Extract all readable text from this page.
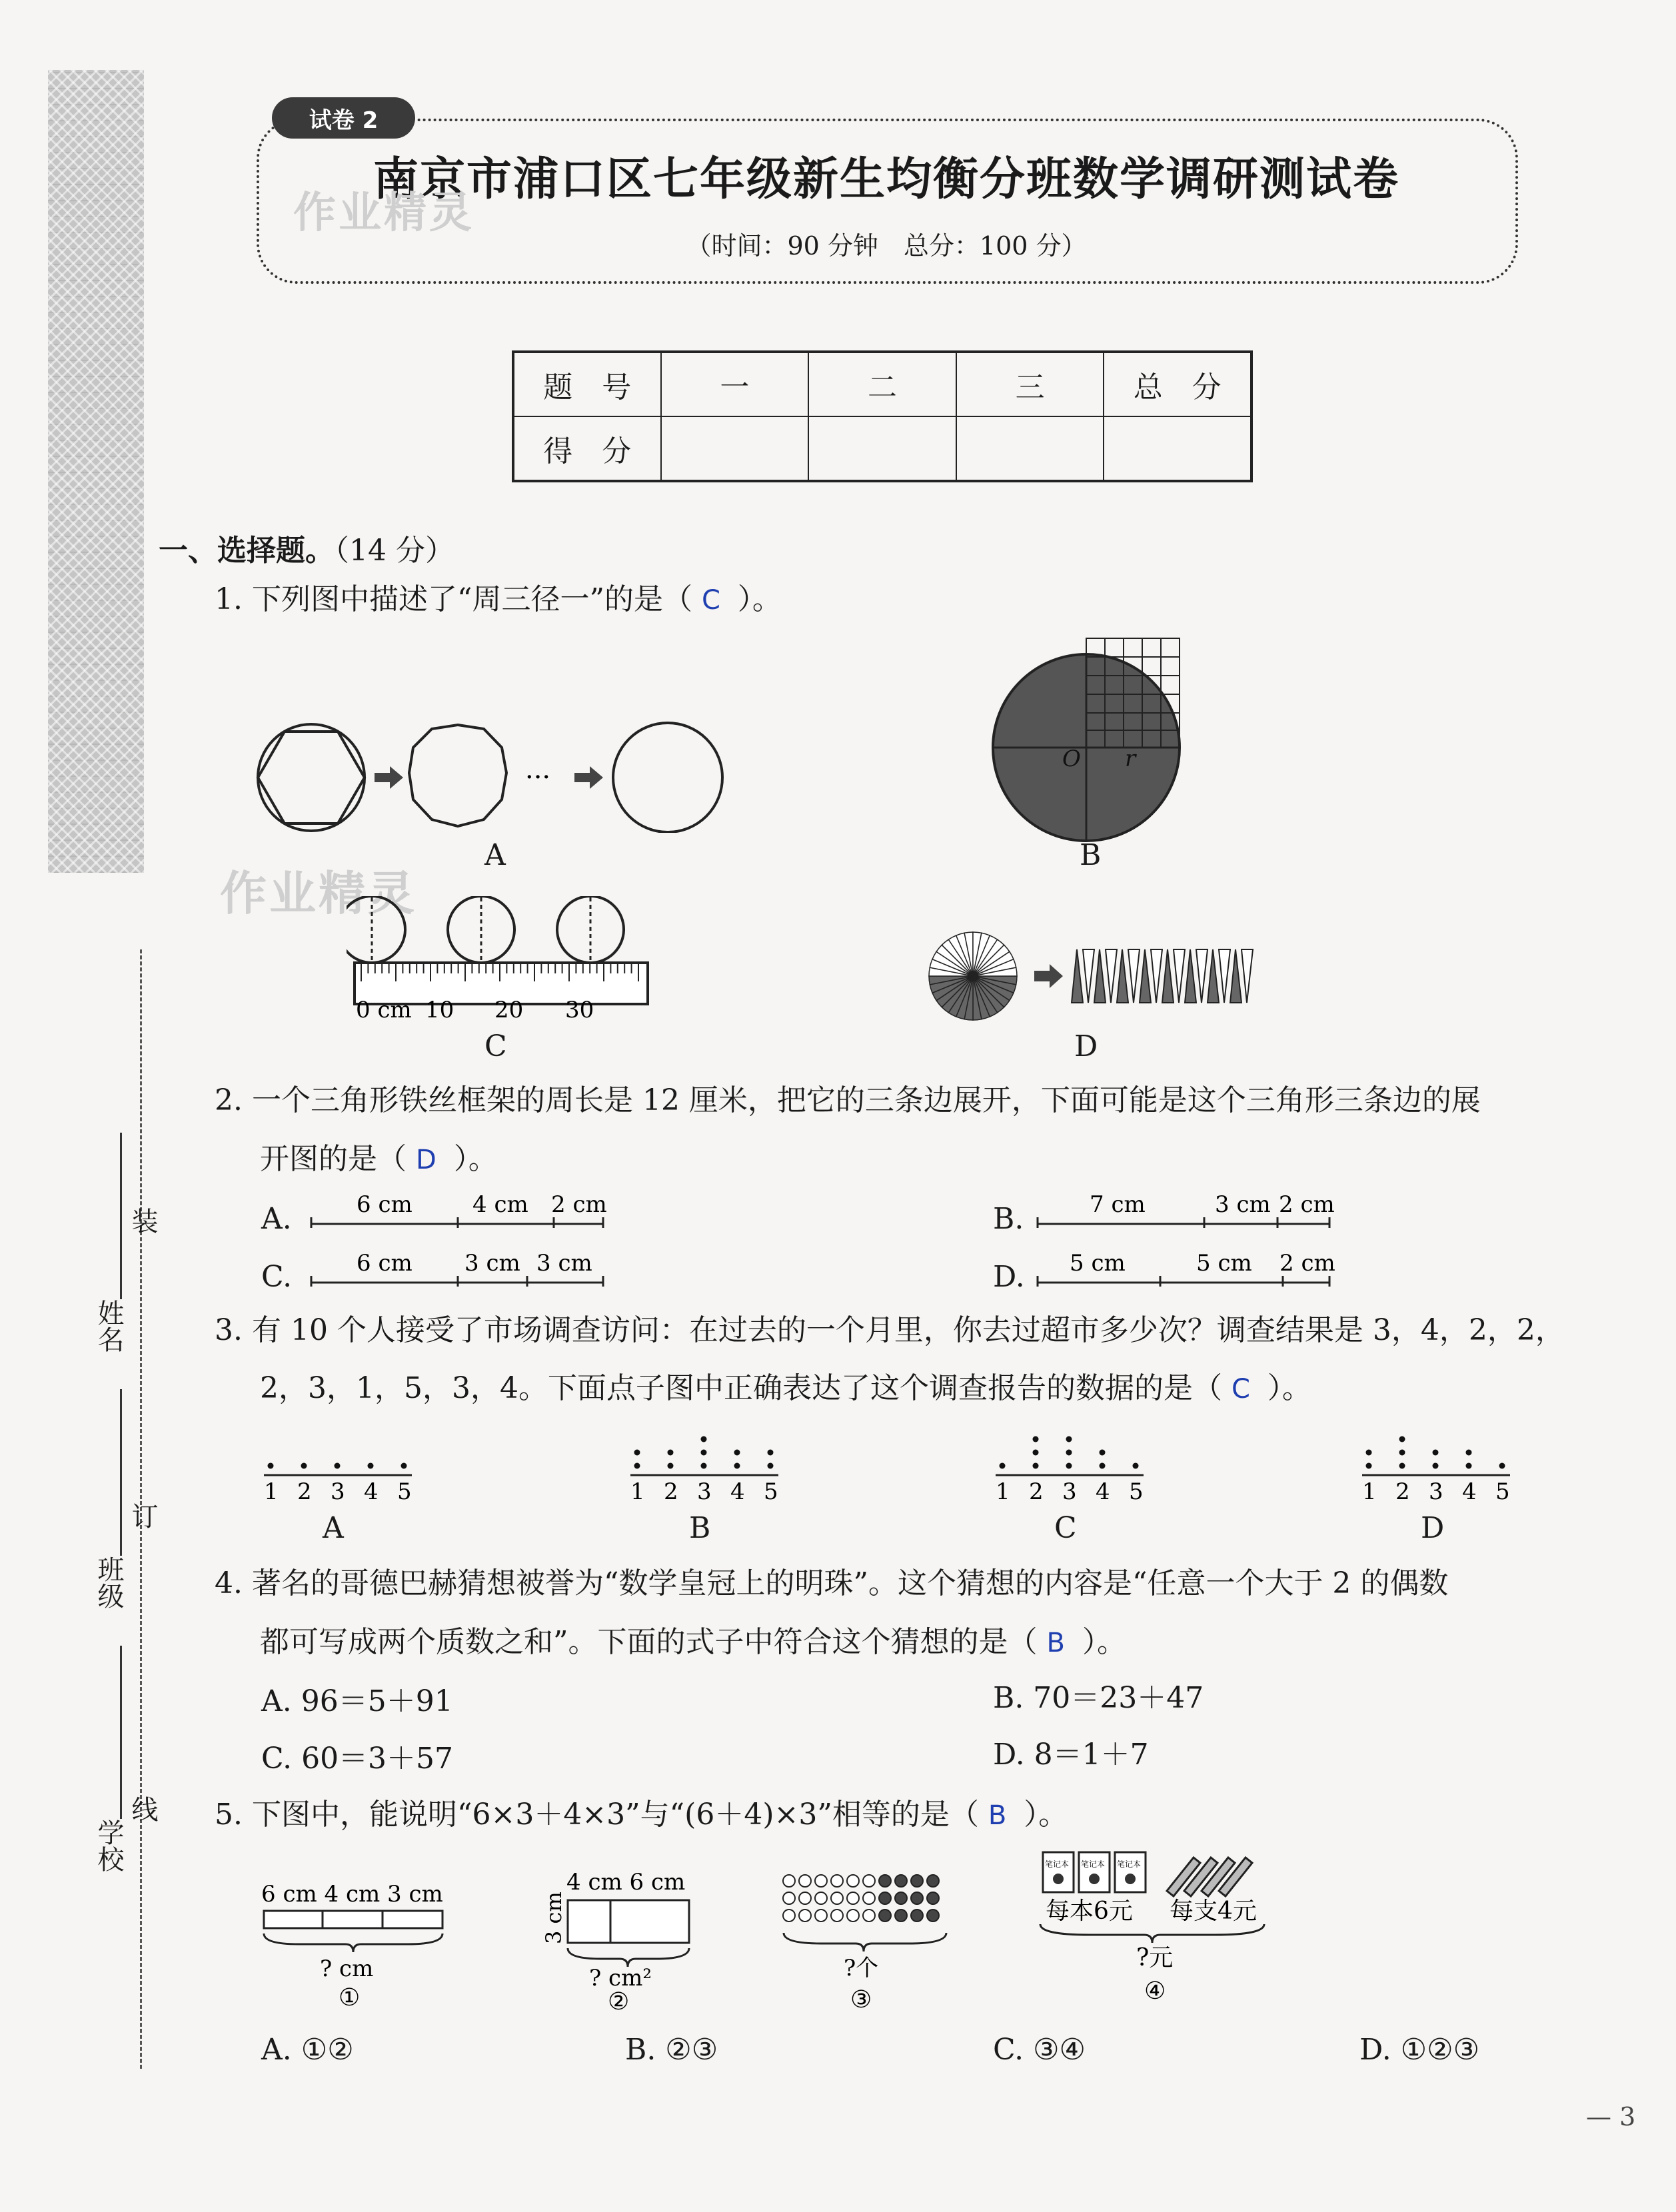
装
订
线
姓名
班级
学校
试卷 2
南京市浦口区七年级新生均衡分班数学调研测试卷
（时间：90 分钟　总分：100 分）
作业精灵
作业精灵
题　号	一	二	三	总　分
得　分				
一、选择题。（14 分）
1. 下列图中描述了“周三径一”的是（ C ）。
···
A
O r
B
0 cm 10 20 30
C	D
2. 一个三角形铁丝框架的周长是 12 厘米，把它的三条边展开，下面可能是这个三角形三条边的展
开图的是（ D ）。
A.	6 cm	4 cm 2 cm	B.	7 cm	3 cm 2 cm
C.	6 cm 3 cm 3 cm	D. 5 cm	5 cm 2 cm
3. 有 10 个人接受了市场调查访问：在过去的一个月里，你去过超市多少次？调查结果是 3，4，2，2，
2，3，1，5，3，4。下面点子图中正确表达了这个调查报告的数据的是（ C ）。
1 2 3 4 5
A
1 2 3 4 5
B
1 2 3 4 5
C
1 2 3 4 5
D
4. 著名的哥德巴赫猜想被誉为“数学皇冠上的明珠”。这个猜想的内容是“任意一个大于 2 的偶数
都可写成两个质数之和”。下面的式子中符合这个猜想的是（ B ）。
A. 96＝5＋91	B. 70＝23＋47
C. 60＝3＋57	D. 8＝1＋7
5. 下图中，能说明“6×3＋4×3”与“(6＋4)×3”相等的是（ B ）。
6 cm 4 cm 3 cm
? cm
①
4 cm 6 cm
3 cm
? cm²
②
?个
③
笔记本 笔记本 笔记本
每本6元 每支4元
?元
④
A. ①②	B. ②③	C. ③④	D. ①②③
— 3
